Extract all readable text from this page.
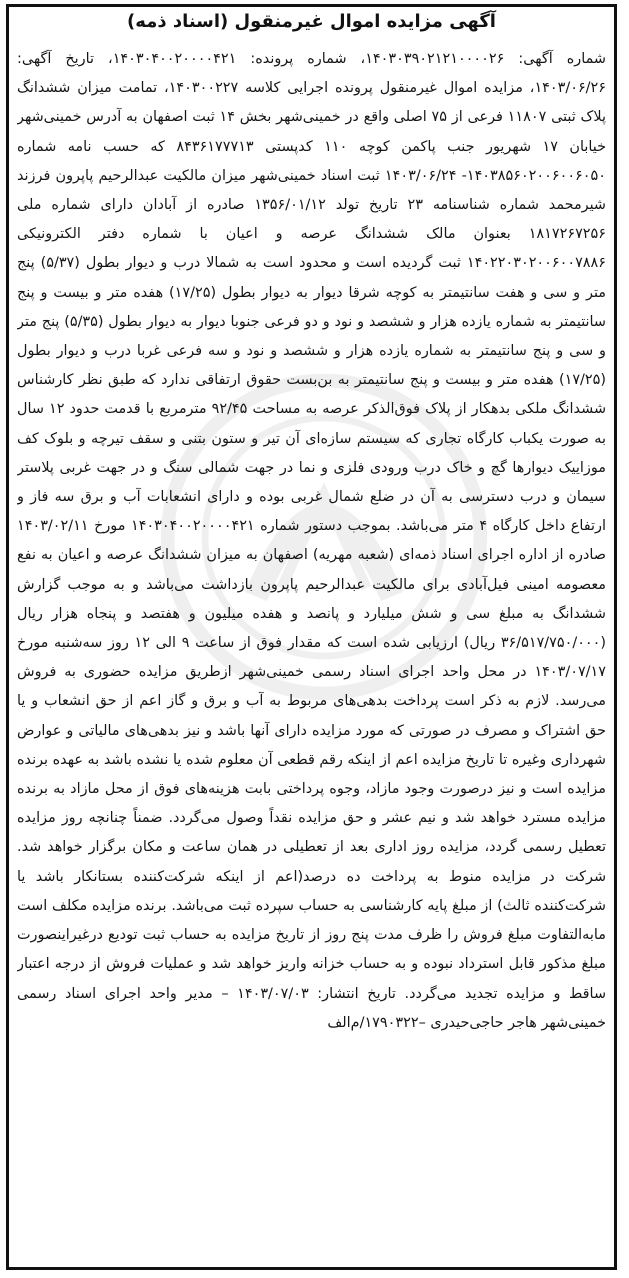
آگهی مزایده اموال غیرمنقول (اسناد ذمه)
شماره آگهی: ۱۴۰۳۰۳۹۰۲۱۲۱۰۰۰۰۲۶، شماره پرونده: ۱۴۰۳۰۴۰۰۲۰۰۰۰۴۲۱، تاریخ آگهی: ۱۴۰۳/۰۶/۲۶، مزایده اموال غیرمنقول پرونده اجرایی کلاسه ۱۴۰۳۰۰۲۲۷، تمامت میزان ششدانگ پلاک ثبتی ۱۱۸۰۷ فرعی از ۷۵ اصلی واقع در خمینی‌شهر بخش ۱۴ ثبت اصفهان به آدرس خمینی‌شهر خیابان ۱۷ شهریور جنب پاکمن کوچه ۱۱۰ کدپستی ۸۴۳۶۱۷۷۷۱۳ که حسب نامه شماره ۱۴۰۳۸۵۶۰۲۰۰۶۰۰۶۰۵۰- ۱۴۰۳/۰۶/۲۴ ثبت اسناد خمینی‌شهر میزان مالکیت عبدالرحیم پاپرون فرزند شیرمحمد شماره شناسنامه ۲۳ تاریخ تولد ۱۳۵۶/۰۱/۱۲ صادره از آبادان دارای شماره ملی ۱۸۱۷۲۶۷۲۵۶ بعنوان مالک ششدانگ عرصه و اعیان با شماره دفتر الکترونیکی ۱۴۰۲۲۰۳۰۲۰۰۶۰۰۷۸۸۶ ثبت گردیده است و محدود است به شمالا درب و دیوار بطول (۵/۳۷) پنج متر و سی و هفت سانتیمتر به کوچه شرقا دیوار به دیوار بطول (۱۷/۲۵) هفده متر و بیست و پنج سانتیمتر به شماره یازده هزار و ششصد و نود و دو فرعی جنوبا دیوار به دیوار بطول (۵/۳۵) پنج متر و سی و پنج سانتیمتر به شماره یازده هزار و ششصد و نود و سه فرعی غربا درب و دیوار بطول (۱۷/۲۵) هفده متر و بیست و پنج سانتیمتر به بن‌بست حقوق ارتفاقی ندارد که طبق نظر کارشناس ششدانگ ملکی بدهکار از پلاک فوق‌الذکر عرصه به مساحت ۹۲/۴۵ مترمربع با قدمت حدود ۱۲ سال به صورت یکباب کارگاه تجاری که سیستم سازه‌ای آن تیر و ستون بتنی و سقف تیرچه و بلوک کف موزاییک دیوارها گچ و خاک درب ورودی فلزی و نما در جهت شمالی سنگ و در جهت غربی پلاستر سیمان و درب دسترسی به آن در ضلع شمال غربی بوده و دارای انشعابات آب و برق سه فاز و ارتفاع داخل کارگاه ۴ متر می‌باشد. بموجب دستور شماره ۱۴۰۳۰۴۰۰۲۰۰۰۰۴۲۱ مورخ ۱۴۰۳/۰۲/۱۱ صادره از اداره اجرای اسناد ذمه‌ای (شعبه مهریه) اصفهان به میزان ششدانگ عرصه و اعیان به نفع معصومه امینی فیل‌آبادی برای مالکیت عبدالرحیم پاپرون بازداشت می‌باشد و به موجب گزارش ششدانگ به مبلغ سی و شش میلیارد و پانصد و هفده میلیون و هفتصد و پنجاه هزار ریال (۳۶/۵۱۷/۷۵۰/۰۰۰ ریال) ارزیابی شده است که مقدار فوق از ساعت ۹ الی ۱۲ روز سه‌شنبه مورخ ۱۴۰۳/۰۷/۱۷ در محل واحد اجرای اسناد رسمی خمینی‌شهر ازطریق مزایده حضوری به فروش می‌رسد. لازم به ذکر است پرداخت بدهی‌های مربوط به آب و برق و گاز اعم از حق انشعاب و یا حق اشتراک و مصرف در صورتی که مورد مزایده دارای آنها باشد و نیز بدهی‌های مالیاتی و عوارض شهرداری وغیره تا تاریخ مزایده اعم از اینکه رقم قطعی آن معلوم شده یا نشده باشد به عهده برنده مزایده است و نیز درصورت وجود مازاد، وجوه پرداختی بابت هزینه‌های فوق از محل مازاد به برنده مزایده مسترد خواهد شد و نیم عشر و حق مزایده نقداً وصول می‌گردد. ضمناً چنانچه روز مزایده تعطیل رسمی گردد، مزایده روز اداری بعد از تعطیلی در همان ساعت و مکان برگزار خواهد شد. شرکت در مزایده منوط به پرداخت ده درصد(اعم از اینکه شرکت‌کننده بستانکار باشد یا شرکت‌کننده ثالث) از مبلغ پایه کارشناسی به حساب سپرده ثبت می‌باشد. برنده مزایده مکلف است مابه‌التفاوت مبلغ فروش را ظرف مدت پنج روز از تاریخ مزایده به حساب ثبت تودیع درغیراینصورت مبلغ مذکور قابل استرداد نبوده و به حساب خزانه واریز خواهد شد و عملیات فروش از درجه اعتبار ساقط و مزایده تجدید می‌گردد. تاریخ انتشار: ۱۴۰۳/۰۷/۰۳ – مدیر واحد اجرای اسناد رسمی خمینی‌شهر هاجر حاجی‌حیدری –۱۷۹۰۳۲۲/م‌الف
